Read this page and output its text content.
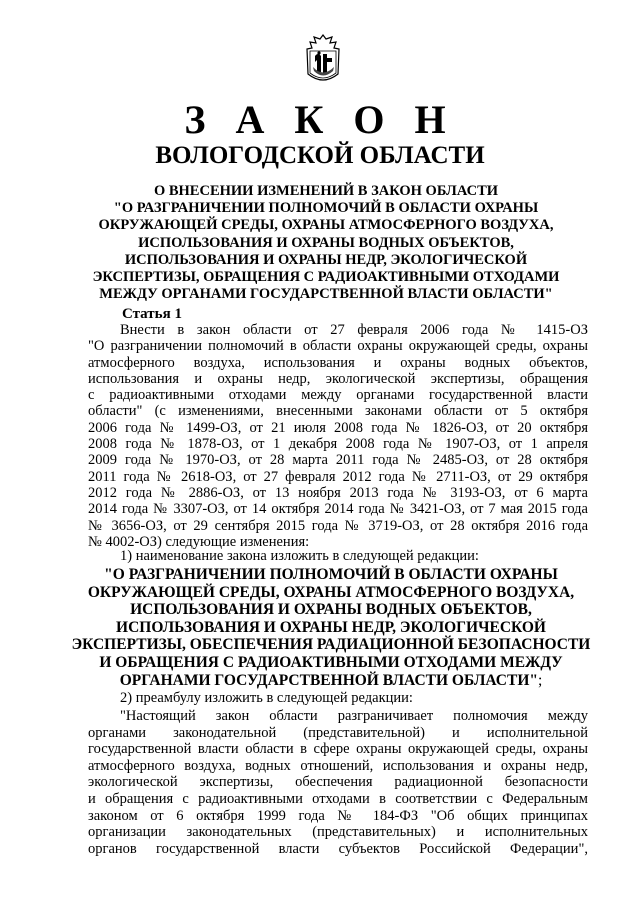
З А К О Н
ВОЛОГОДСКОЙ ОБЛАСТИ
О ВНЕСЕНИИ ИЗМЕНЕНИЙ В ЗАКОН ОБЛАСТИ
"О РАЗГРАНИЧЕНИИ ПОЛНОМОЧИЙ В ОБЛАСТИ ОХРАНЫ
ОКРУЖАЮЩЕЙ СРЕДЫ, ОХРАНЫ АТМОСФЕРНОГО ВОЗДУХА,
ИСПОЛЬЗОВАНИЯ И ОХРАНЫ ВОДНЫХ ОБЪЕКТОВ,
ИСПОЛЬЗОВАНИЯ И ОХРАНЫ НЕДР, ЭКОЛОГИЧЕСКОЙ
ЭКСПЕРТИЗЫ, ОБРАЩЕНИЯ С РАДИОАКТИВНЫМИ ОТХОДАМИ
МЕЖДУ ОРГАНАМИ ГОСУДАРСТВЕННОЙ ВЛАСТИ ОБЛАСТИ"
Статья 1
Внести в закон области от 27 февраля 2006 года № 1415-ОЗ
"О разграничении полномочий в области охраны окружающей среды, охраны
атмосферного воздуха, использования и охраны водных объектов,
использования и охраны недр, экологической экспертизы, обращения
с радиоактивными отходами между органами государственной власти
области" (с изменениями, внесенными законами области от 5 октября
2006 года № 1499-ОЗ, от 21 июля 2008 года № 1826-ОЗ, от 20 октября
2008 года № 1878-ОЗ, от 1 декабря 2008 года № 1907-ОЗ, от 1 апреля
2009 года № 1970-ОЗ, от 28 марта 2011 года № 2485-ОЗ, от 28 октября
2011 года № 2618-ОЗ, от 27 февраля 2012 года № 2711-ОЗ, от 29 октября
2012 года № 2886-ОЗ, от 13 ноября 2013 года № 3193-ОЗ, от 6 марта
2014 года № 3307-ОЗ, от 14 октября 2014 года № 3421-ОЗ, от 7 мая 2015 года
№ 3656-ОЗ, от 29 сентября 2015 года № 3719-ОЗ, от 28 октября 2016 года
№ 4002-ОЗ) следующие изменения:
1) наименование закона изложить в следующей редакции:
"О РАЗГРАНИЧЕНИИ ПОЛНОМОЧИЙ В ОБЛАСТИ ОХРАНЫ
ОКРУЖАЮЩЕЙ СРЕДЫ, ОХРАНЫ АТМОСФЕРНОГО ВОЗДУХА,
ИСПОЛЬЗОВАНИЯ И ОХРАНЫ ВОДНЫХ ОБЪЕКТОВ,
ИСПОЛЬЗОВАНИЯ И ОХРАНЫ НЕДР, ЭКОЛОГИЧЕСКОЙ
ЭКСПЕРТИЗЫ, ОБЕСПЕЧЕНИЯ РАДИАЦИОННОЙ БЕЗОПАСНОСТИ
И ОБРАЩЕНИЯ С РАДИОАКТИВНЫМИ ОТХОДАМИ МЕЖДУ
ОРГАНАМИ ГОСУДАРСТВЕННОЙ ВЛАСТИ ОБЛАСТИ";
2) преамбулу изложить в следующей редакции:
"Настоящий закон области разграничивает полномочия между
органами законодательной (представительной) и исполнительной
государственной власти области в сфере охраны окружающей среды, охраны
атмосферного воздуха, водных отношений, использования и охраны недр,
экологической экспертизы, обеспечения радиационной безопасности
и обращения с радиоактивными отходами в соответствии с Федеральным
законом от 6 октября 1999 года № 184-ФЗ "Об общих принципах
организации законодательных (представительных) и исполнительных
органов государственной власти субъектов Российской Федерации",
